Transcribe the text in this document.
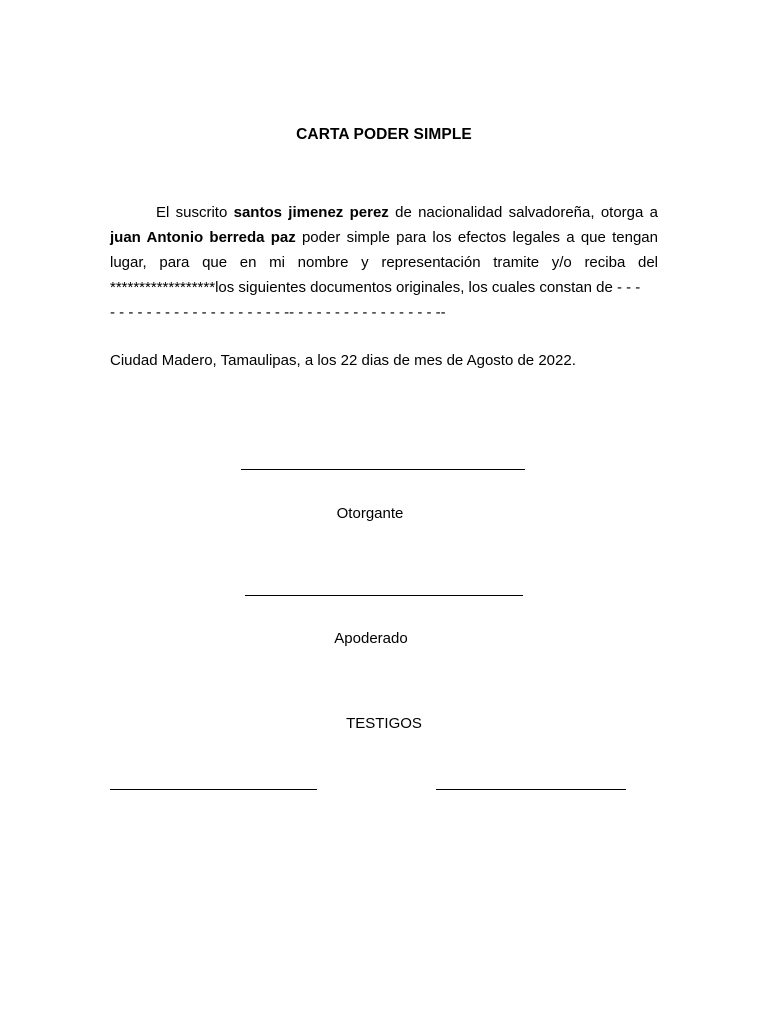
CARTA PODER SIMPLE
El suscrito santos jimenez perez de nacionalidad salvadoreña, otorga a juan Antonio berreda paz poder simple para los efectos legales a que tengan lugar, para que en mi nombre y representación tramite y/o reciba del ******************los siguientes documentos originales, los cuales constan de - - -
- - - - - - - - - - - - - - - - - - - -- - - - - - - - - - - - - - - - --
Ciudad Madero, Tamaulipas, a los 22 dias de mes de Agosto de 2022.
Otorgante
Apoderado
TESTIGOS
